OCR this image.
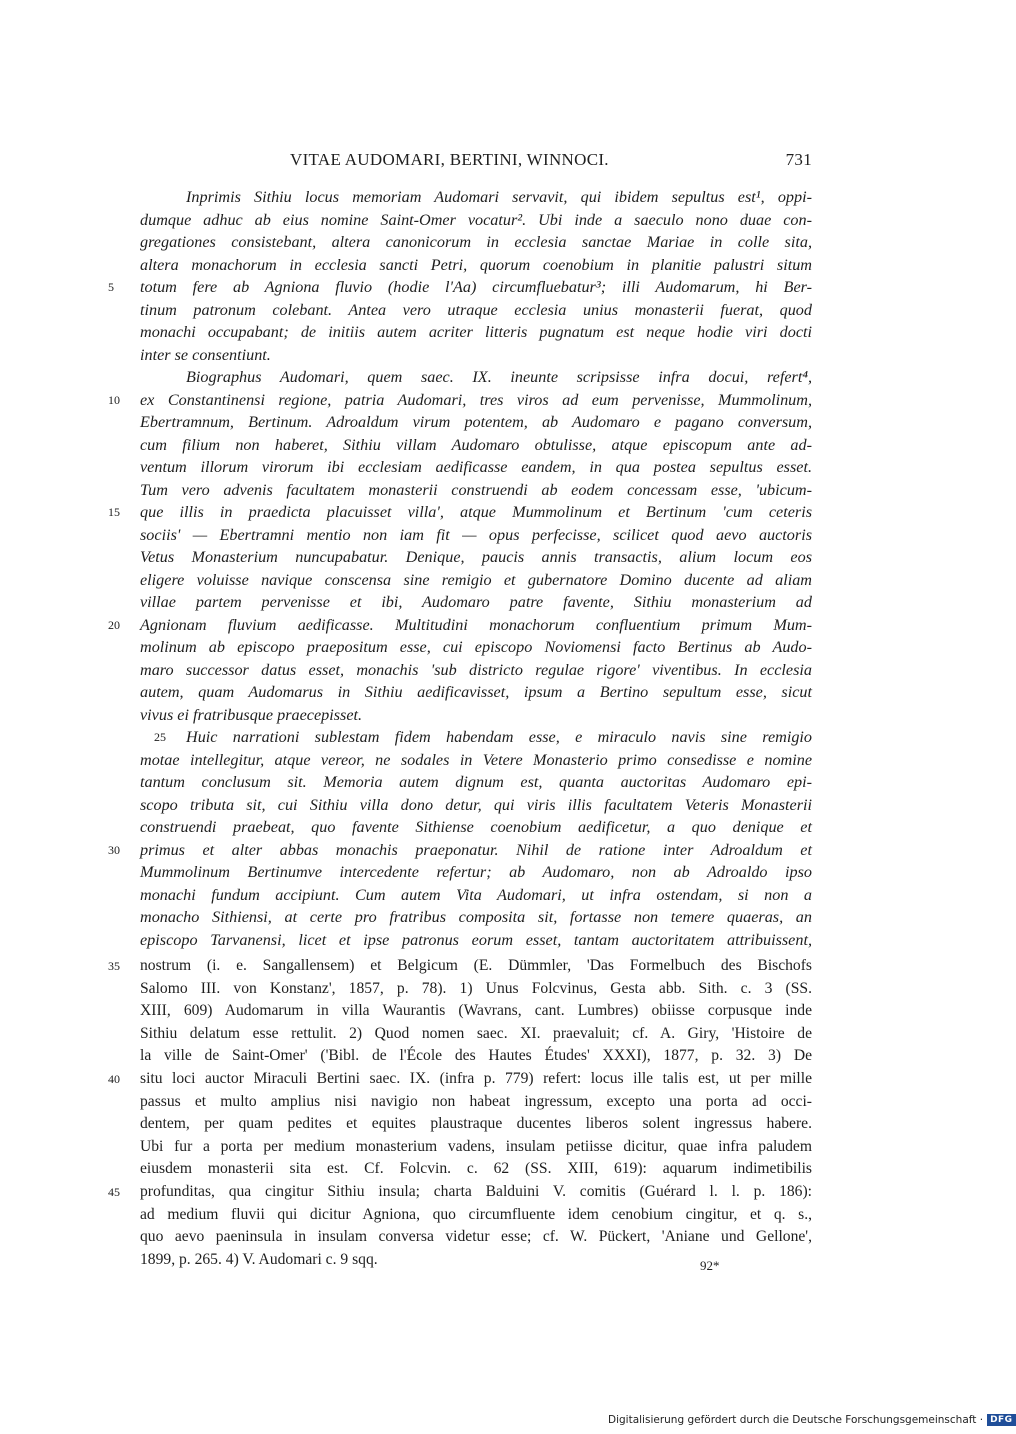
VITAE AUDOMARI, BERTINI, WINNOCI.	731
Inprimis Sithiu locus memoriam Audomari servavit, qui ibidem sepultus est¹, oppi-
dumque adhuc ab eius nomine Saint-Omer vocatur². Ubi inde a saeculo nono duae con-
gregationes consistebant, altera canonicorum in ecclesia sanctae Mariae in colle sita,
altera monachorum in ecclesia sancti Petri, quorum coenobium in planitie palustri situm
totum fere ab Agniona fluvio (hodie l'Aa) circumfluebatur³; illi Audomarum, hi Ber-
5
tinum patronum colebant. Antea vero utraque ecclesia unius monasterii fuerat, quod
monachi occupabant; de initiis autem acriter litteris pugnatum est neque hodie viri docti
inter se consentiunt.
Biographus Audomari, quem saec. IX. ineunte scripsisse infra docui, refert⁴,
ex Constantinensi regione, patria Audomari, tres viros ad eum pervenisse, Mummolinum,
10
Ebertramnum, Bertinum. Adroaldum virum potentem, ab Audomaro e pagano conversum,
cum filium non haberet, Sithiu villam Audomaro obtulisse, atque episcopum ante ad-
ventum illorum virorum ibi ecclesiam aedificasse eandem, in qua postea sepultus esset.
Tum vero advenis facultatem monasterii construendi ab eodem concessam esse, 'ubicum-
que illis in praedicta placuisset villa', atque Mummolinum et Bertinum 'cum ceteris
15
sociis' — Ebertramni mentio non iam fit — opus perfecisse, scilicet quod aevo auctoris
Vetus Monasterium nuncupabatur. Denique, paucis annis transactis, alium locum eos
eligere voluisse navique conscensa sine remigio et gubernatore Domino ducente ad aliam
villae partem pervenisse et ibi, Audomaro patre favente, Sithiu monasterium ad
Agnionam fluvium aedificasse. Multitudini monachorum confluentium primum Mum-
20
molinum ab episcopo praepositum esse, cui episcopo Noviomensi facto Bertinus ab Audo-
maro successor datus esset, monachis 'sub districto regulae rigore' viventibus. In ecclesia
autem, quam Audomarus in Sithiu aedificavisset, ipsum a Bertino sepultum esse, sicut
vivus ei fratribusque praecepisset.
Huic narrationi sublestam fidem habendam esse, e miraculo navis sine remigio
25
motae intellegitur, atque vereor, ne sodales in Vetere Monasterio primo consedisse e nomine
tantum conclusum sit. Memoria autem dignum est, quanta auctoritas Audomaro epi-
scopo tributa sit, cui Sithiu villa dono detur, qui viris illis facultatem Veteris Monasterii
construendi praebeat, quo favente Sithiense coenobium aedificetur, a quo denique et
primus et alter abbas monachis praeponatur. Nihil de ratione inter Adroaldum et
30
Mummolinum Bertinumve intercedente refertur; ab Audomaro, non ab Adroaldo ipso
monachi fundum accipiunt. Cum autem Vita Audomari, ut infra ostendam, si non a
monacho Sithiensi, at certe pro fratribus composita sit, fortasse non temere quaeras, an
episcopo Tarvanensi, licet et ipse patronus eorum esset, tantam auctoritatem attribuissent,
nostrum (i. e. Sangallensem) et Belgicum (E. Dümmler, 'Das Formelbuch des Bischofs
35
Salomo III. von Konstanz', 1857, p. 78). 1) Unus Folcvinus, Gesta abb. Sith. c. 3 (SS.
XIII, 609) Audomarum in villa Waurantis (Wavrans, cant. Lumbres) obiisse corpusque inde
Sithiu delatum esse rettulit. 2) Quod nomen saec. XI. praevaluit; cf. A. Giry, 'Histoire de
la ville de Saint-Omer' ('Bibl. de l'École des Hautes Études' XXXI), 1877, p. 32. 3) De
situ loci auctor Miraculi Bertini saec. IX. (infra p. 779) refert: locus ille talis est, ut per mille
40
passus et multo amplius nisi navigio non habeat ingressum, excepto una porta ad occi-
dentem, per quam pedites et equites plaustraque ducentes liberos solent ingressus habere.
Ubi fur a porta per medium monasterium vadens, insulam petiisse dicitur, quae infra paludem
eiusdem monasterii sita est. Cf. Folcvin. c. 62 (SS. XIII, 619): aquarum indimetibilis
profunditas, qua cingitur Sithiu insula; charta Balduini V. comitis (Guérard l. l. p. 186):
45
ad medium fluvii qui dicitur Agniona, quo circumfluente idem cenobium cingitur, et q. s.,
quo aevo paeninsula in insulam conversa videtur esse; cf. W. Pückert, 'Aniane und Gellone',
1899, p. 265. 4) V. Audomari c. 9 sqq.	92*
Digitalisierung gefördert durch die Deutsche Forschungsgemeinschaft · DFG
